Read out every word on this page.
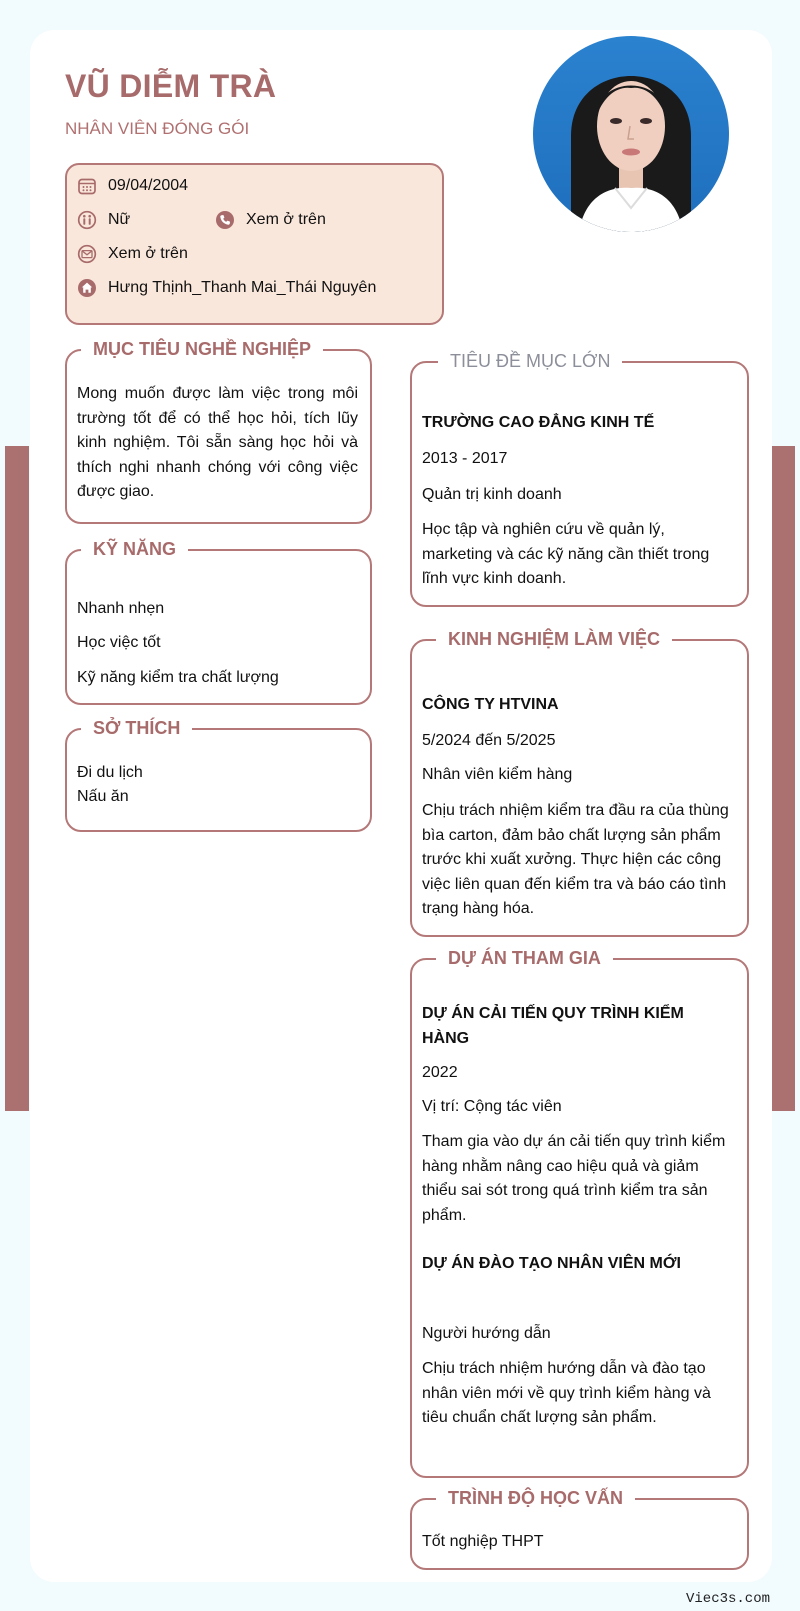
VŨ DIỄM TRÀ
NHÂN VIÊN ĐÓNG GÓI
09/04/2004
Nữ	Xem ở trên
Xem ở trên
Hưng Thịnh_Thanh Mai_Thái Nguyên
MỤC TIÊU NGHỀ NGHIỆP
Mong muốn được làm việc trong môi trường tốt để có thể học hỏi, tích lũy kinh nghiệm. Tôi sẵn sàng học hỏi và thích nghi nhanh chóng với công việc được giao.
KỸ NĂNG
Nhanh nhẹn
Học việc tốt
Kỹ năng kiểm tra chất lượng
SỞ THÍCH
Đi du lịch
Nấu ăn
TIÊU ĐỀ MỤC LỚN
TRƯỜNG CAO ĐẲNG KINH TẾ
2013 - 2017
Quản trị kinh doanh
Học tập và nghiên cứu về quản lý, marketing và các kỹ năng cần thiết trong lĩnh vực kinh doanh.
KINH NGHIỆM LÀM VIỆC
CÔNG TY HTVINA
5/2024 đến 5/2025
Nhân viên kiểm hàng
Chịu trách nhiệm kiểm tra đầu ra của thùng bìa carton, đảm bảo chất lượng sản phẩm trước khi xuất xưởng. Thực hiện các công việc liên quan đến kiểm tra và báo cáo tình trạng hàng hóa.
DỰ ÁN THAM GIA
DỰ ÁN CẢI TIẾN QUY TRÌNH KIỂM HÀNG
2022
Vị trí: Cộng tác viên
Tham gia vào dự án cải tiến quy trình kiểm hàng nhằm nâng cao hiệu quả và giảm thiểu sai sót trong quá trình kiểm tra sản phẩm.
DỰ ÁN ĐÀO TẠO NHÂN VIÊN MỚI
Người hướng dẫn
Chịu trách nhiệm hướng dẫn và đào tạo nhân viên mới về quy trình kiểm hàng và tiêu chuẩn chất lượng sản phẩm.
TRÌNH ĐỘ HỌC VẤN
Tốt nghiệp THPT
Viec3s.com
